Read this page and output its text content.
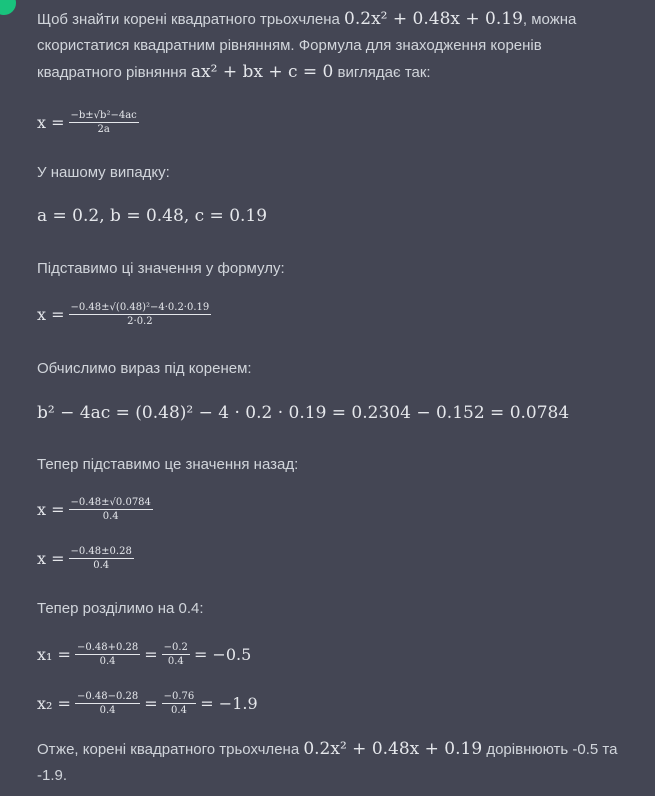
Щоб знайти корені квадратного трьохчлена 0.2x² + 0.48x + 0.19, можна

скористатися квадратним рівнянням. Формула для знаходження коренів

квадратного рівняння ax² + bx + c = 0 виглядає так:

$x = \frac{\text{−b±√b²−4ac}}{2a}$

У нашому випадку:

a = 0.2, b = 0.48, c = 0.19

Підставимо ці значення у формулу:

$x = \frac{\text{−0.48±√(0.48)²−4·0.2·0.19}}{2\cdot 0.2}$

Обчислимо вираз під коренем:

b² − 4ac = (0.48)² − 4 · 0.2 · 0.19 = 0.2304 − 0.152 = 0.0784

Тепер підставимо це значення назад:

$x = \frac{-0.48\pm√0.0784}{0.4}$
$x = \frac{-0.48\pm 0.28}{0.4}$

Тепер розділимо на 0.4:

$x_1 = \frac{-0.48+0.28}{0.4} = \frac{-0.2}{0.4} = -0.5$
$x_2 = \frac{-0.48-0.28}{0.4} = \frac{-0.76}{0.4} = -1.9$

Отже, корені квадратного трьохчлена 0.2x² + 0.48x + 0.19 дорівнюють -0.5 та

-1.9.
